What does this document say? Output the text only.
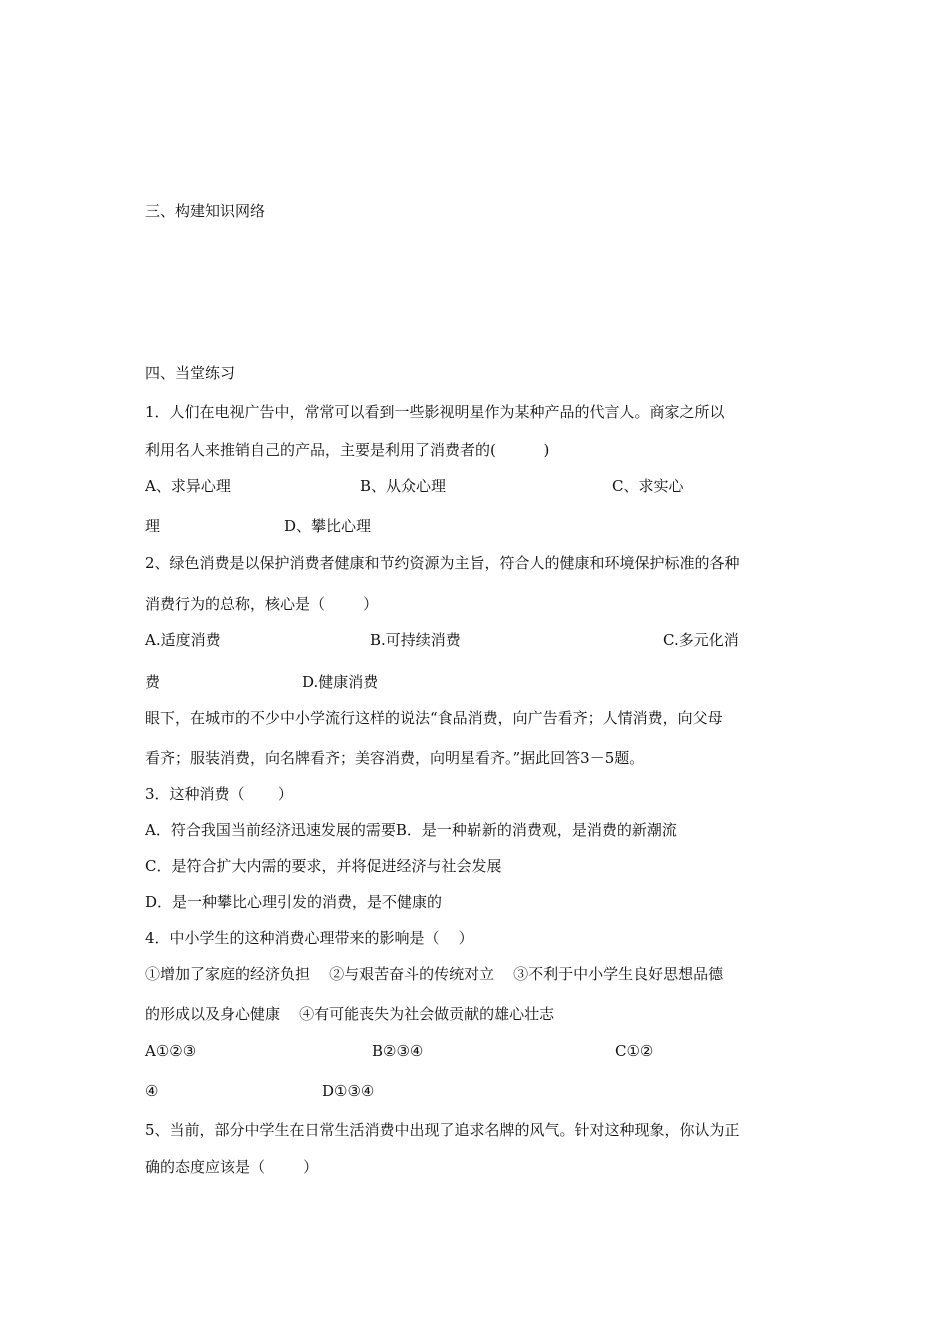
三、构建知识网络
四、当堂练习
1．人们在电视广告中，常常可以看到一些影视明星作为某种产品的代言人。商家之所以
利用名人来推销自己的产品，主要是利用了消费者的(          )
A、求异心理	B、从众心理	C、求实心
理	D、攀比心理
2、绿色消费是以保护消费者健康和节约资源为主旨，符合人的健康和环境保护标准的各种
消费行为的总称，核心是（        ）
A.适度消费	B.可持续消费	C.多元化消
费	D.健康消费
眼下，在城市的不少中小学流行这样的说法“食品消费，向广告看齐；人情消费，向父母
看齐；服装消费，向名牌看齐；美容消费，向明星看齐。”据此回答3－5题。
3．这种消费（       ）
A．符合我国当前经济迅速发展的需要B．是一种崭新的消费观，是消费的新潮流
C．是符合扩大内需的要求，并将促进经济与社会发展
D．是一种攀比心理引发的消费，是不健康的
4．中小学生的这种消费心理带来的影响是（    ）
①增加了家庭的经济负担    ②与艰苦奋斗的传统对立    ③不利于中小学生良好思想品德
的形成以及身心健康    ④有可能丧失为社会做贡献的雄心壮志
A①②③	B②③④	C①②
④	D①③④
5、当前，部分中学生在日常生活消费中出现了追求名牌的风气。针对这种现象，你认为正
确的态度应该是（        ）
